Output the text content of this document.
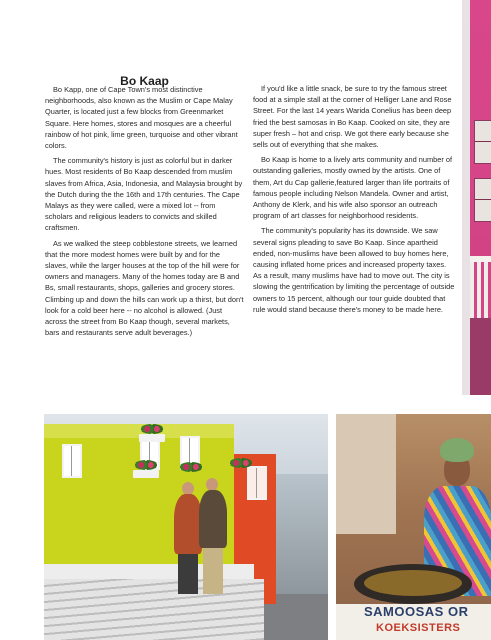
Bo Kaap

Bo Kapp, one of Cape Town's most distinctive neighborhoods, also known as the Muslim or Cape Malay Quarter, is located just a few blocks from Greenmarket Square. Here homes, stores and mosques are a cheerful rainbow of hot pink, lime green, turquoise and other vibrant colors.

The community's history is just as colorful but in darker hues. Most residents of Bo Kaap descended from muslim slaves from Africa, Asia, Indonesia, and Malaysia brought by the Dutch during the the 16th and 17th centuries. The Cape Malays as they were called, were a mixed lot -- from scholars and religious leaders to convicts and skilled craftsmen.

As we walked the steep cobblestone streets, we learned that the more modest homes were built by and for the slaves, while the larger houses at the top of the hill were for owners and managers. Many of the homes today are B and Bs, small restaurants, shops, galleries and grocery stores. Climbing up and down the hills can work up a thirst, but don't look for a cold beer here -- no alcohol is allowed. (Just across the street from Bo Kaap though, several markets, bars and restaurants serve adult beverages.)

If you'd like a little snack, be sure to try the famous street food at a simple stall at the corner of Helliger Lane and Rose Street. For the last 14 years Warida Conelius has been deep fried the best samosas in Bo Kaap. Cooked on site, they are super fresh – hot and crisp. We got there early because she sells out of everything that she makes.

Bo Kaap is home to a lively arts community and number of outstanding galleries, mostly owned by the artists. One of them, Art du Cap gallerie,featured larger than life portraits of famous people including Nelson Mandela. Owner and artist, Anthony de Klerk, and his wife also sponsor an outreach program of art classes for neighborhood residents.

The community's popularity has its downside. We saw several signs pleading to save Bo Kaap. Since apartheid ended, non-muslims have been allowed to buy homes here, causing inflated home prices and increased property taxes. As a result, many muslims have had to move out. The city is slowing the gentrification by limiting the percentage of outside owners to 15 percent, although our tour guide doubted that rule would stand because there's money to be made here.

SAMOOSAS OR
KOEKSISTERS
